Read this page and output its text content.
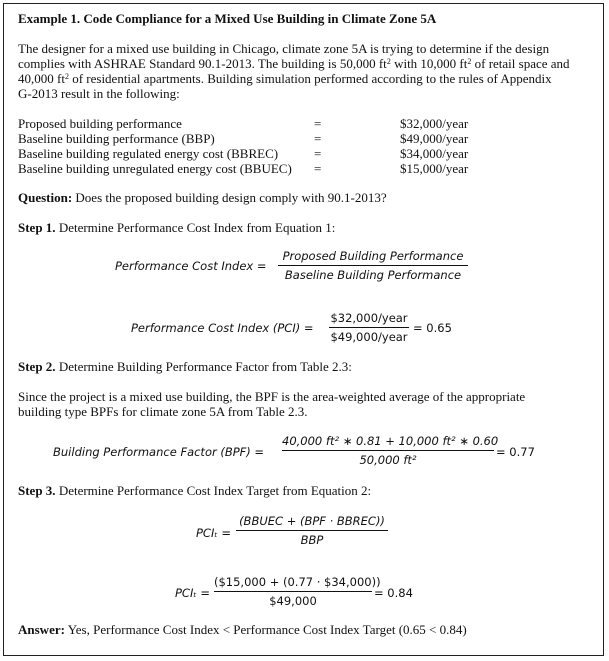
Example 1. Code Compliance for a Mixed Use Building in Climate Zone 5A
The designer for a mixed use building in Chicago, climate zone 5A is trying to determine if the design
complies with ASHRAE Standard 90.1-2013. The building is 50,000 $ft^2$ with 10,000 $ft^2$ of retail space and
40,000 $ft^2$ of residential apartments. Building simulation performed according to the rules of Appendix
G-2013 result in the following:
Proposed building performance	=	$32,000/year
Baseline building performance (BBP)	=	$49,000/year
Baseline building regulated energy cost (BBREC)	=	$34,000/year
Baseline building unregulated energy cost (BBUEC) =	$15,000/year
Question: Does the proposed building design comply with 90.1-2013?
Step 1. Determine Performance Cost Index from Equation 1:
Performance Cost Index =
Proposed Building Performance
Baseline Building Performance
Performance Cost Index (PCI) =
$32,000/year
$49,000/year
= 0.65
Step 2. Determine Building Performance Factor from Table 2.3:
Since the project is a mixed use building, the BPF is the area-weighted average of the appropriate
building type BPFs for climate zone 5A from Table 2.3.
Building Performance Factor (BPF) =
40,000 ft² ∗ 0.81 + 10,000 ft² ∗ 0.60
50,000 ft²
= 0.77
Step 3. Determine Performance Cost Index Target from Equation 2:
PCIₜ =
(BBUEC + (BPF · BBREC))
BBP
PCIₜ =
($15,000 + (0.77 · $34,000))
$49,000
= 0.84
Answer: Yes, Performance Cost Index < Performance Cost Index Target (0.65 < 0.84)
